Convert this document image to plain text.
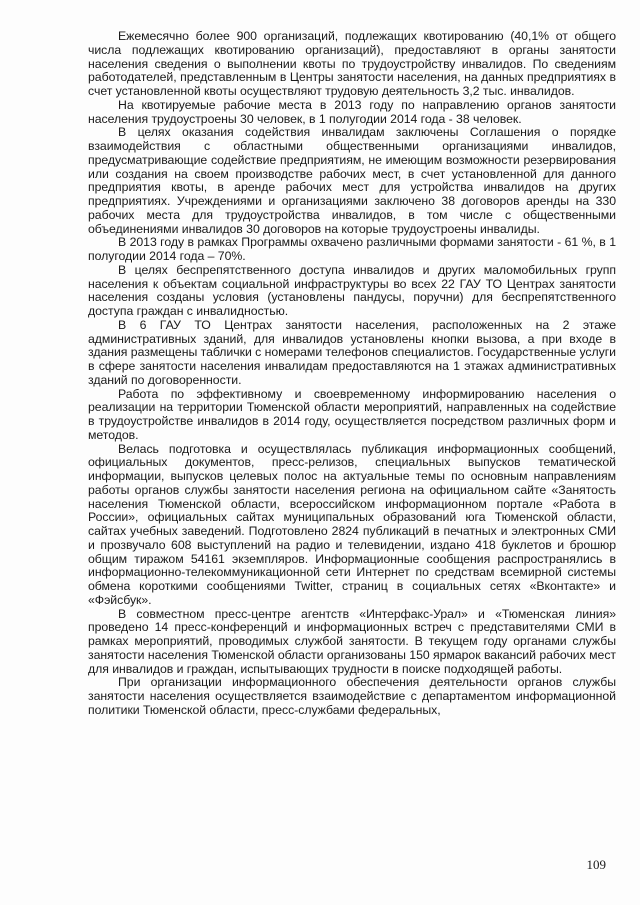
Ежемесячно более 900 организаций, подлежащих квотированию (40,1% от общего числа подлежащих квотированию организаций), предоставляют в органы занятости населения сведения о выполнении квоты по трудоустройству инвалидов. По сведениям работодателей, представленным в Центры занятости населения, на данных предприятиях в счет установленной квоты осуществляют трудовую деятельность 3,2 тыс. инвалидов.

На квотируемые рабочие места в 2013 году по направлению органов занятости населения трудоустроены 30 человек, в 1 полугодии 2014 года - 38 человек.

В целях оказания содействия инвалидам заключены Соглашения о порядке взаимодействия с областными общественными организациями инвалидов, предусматривающие содействие предприятиям, не имеющим возможности резервирования или создания на своем производстве рабочих мест, в счет установленной для данного предприятия квоты, в аренде рабочих мест для устройства инвалидов на других предприятиях. Учреждениями и организациями заключено 38 договоров аренды на 330 рабочих места для трудоустройства инвалидов, в том числе с общественными объединениями инвалидов 30 договоров на которые трудоустроены инвалиды.

В 2013 году в рамках Программы охвачено различными формами занятости - 61 %, в 1 полугодии 2014 года – 70%.

В целях беспрепятственного доступа инвалидов и других маломобильных групп населения к объектам социальной инфраструктуры во всех 22 ГАУ ТО Центрах занятости населения созданы условия (установлены пандусы, поручни) для беспрепятственного доступа граждан с инвалидностью.

В 6 ГАУ ТО Центрах занятости населения, расположенных на 2 этаже административных зданий, для инвалидов установлены кнопки вызова, а при входе в здания размещены таблички с номерами телефонов специалистов. Государственные услуги в сфере занятости населения инвалидам предоставляются на 1 этажах административных зданий по договоренности.

Работа по эффективному и своевременному информированию населения о реализации на территории Тюменской области мероприятий, направленных на содействие в трудоустройстве инвалидов в 2014 году, осуществляется посредством различных форм и методов.

Велась подготовка и осуществлялась публикация информационных сообщений, официальных документов, пресс-релизов, специальных выпусков тематической информации, выпусков целевых полос на актуальные темы по основным направлениям работы органов службы занятости населения региона на официальном сайте «Занятость населения Тюменской области, всероссийском информационном портале «Работа в России», официальных сайтах муниципальных образований юга Тюменской области, сайтах учебных заведений. Подготовлено 2824 публикаций в печатных и электронных СМИ и прозвучало 608 выступлений на радио и телевидении, издано 418 буклетов и брошюр общим тиражом 54161 экземпляров. Информационные сообщения распространялись в информационно-телекоммуникационной сети Интернет по средствам всемирной системы обмена короткими сообщениями Twitter, страниц в социальных сетях «Вконтакте» и «Фэйсбук».

В совместном пресс-центре агентств «Интерфакс-Урал» и «Тюменская линия» проведено 14 пресс-конференций и информационных встреч с представителями СМИ в рамках мероприятий, проводимых службой занятости. В текущем году органами службы занятости населения Тюменской области организованы 150 ярмарок вакансий рабочих мест для инвалидов и граждан, испытывающих трудности в поиске подходящей работы.

При организации информационного обеспечения деятельности органов службы занятости населения осуществляется взаимодействие с департаментом информационной политики Тюменской области, пресс-службами федеральных,

109
